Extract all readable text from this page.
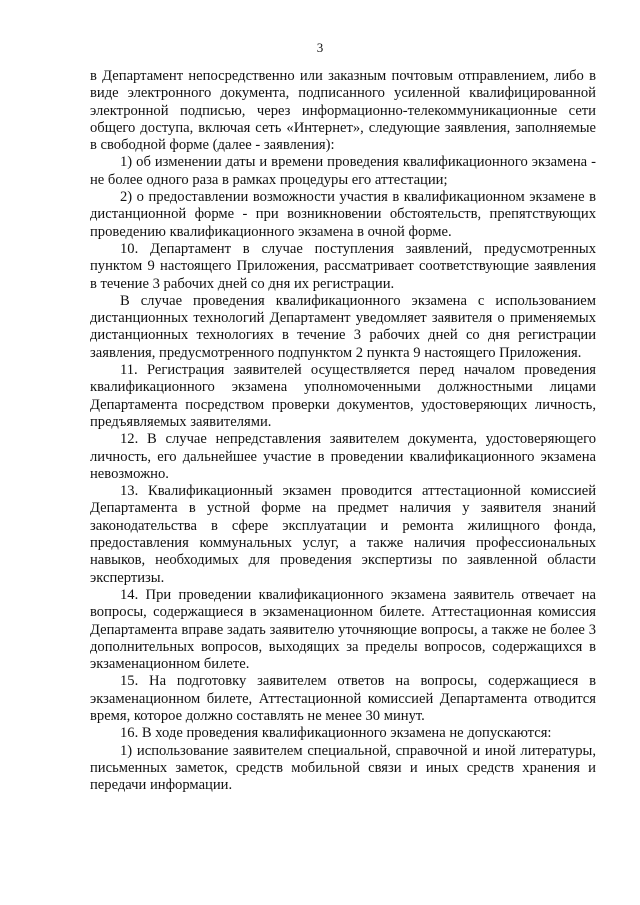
3

в Департамент непосредственно или заказным почтовым отправлением, либо в виде электронного документа, подписанного усиленной квалифицированной электронной подписью, через информационно-телекоммуникационные сети общего доступа, включая сеть «Интернет», следующие заявления, заполняемые в свободной форме (далее - заявления):

1) об изменении даты и времени проведения квалификационного экзамена - не более одного раза в рамках процедуры его аттестации;

2) о предоставлении возможности участия в квалификационном экзамене в дистанционной форме - при возникновении обстоятельств, препятствующих проведению квалификационного экзамена в очной форме.

10. Департамент в случае поступления заявлений, предусмотренных пунктом 9 настоящего Приложения, рассматривает соответствующие заявления в течение 3 рабочих дней со дня их регистрации.

В случае проведения квалификационного экзамена с использованием дистанционных технологий Департамент уведомляет заявителя о применяемых дистанционных технологиях в течение 3 рабочих дней со дня регистрации заявления, предусмотренного подпунктом 2 пункта 9 настоящего Приложения.

11. Регистрация заявителей осуществляется перед началом проведения квалификационного экзамена уполномоченными должностными лицами Департамента посредством проверки документов, удостоверяющих личность, предъявляемых заявителями.

12. В случае непредставления заявителем документа, удостоверяющего личность, его дальнейшее участие в проведении квалификационного экзамена невозможно.

13. Квалификационный экзамен проводится аттестационной комиссией Департамента в устной форме на предмет наличия у заявителя знаний законодательства в сфере эксплуатации и ремонта жилищного фонда, предоставления коммунальных услуг, а также наличия профессиональных навыков, необходимых для проведения экспертизы по заявленной области экспертизы.

14. При проведении квалификационного экзамена заявитель отвечает на вопросы, содержащиеся в экзаменационном билете. Аттестационная комиссия Департамента вправе задать заявителю уточняющие вопросы, а также не более 3 дополнительных вопросов, выходящих за пределы вопросов, содержащихся в экзаменационном билете.

15. На подготовку заявителем ответов на вопросы, содержащиеся в экзаменационном билете, Аттестационной комиссией Департамента отводится время, которое должно составлять не менее 30 минут.

16. В ходе проведения квалификационного экзамена не допускаются:

1) использование заявителем специальной, справочной и иной литературы, письменных заметок, средств мобильной связи и иных средств хранения и передачи информации.
